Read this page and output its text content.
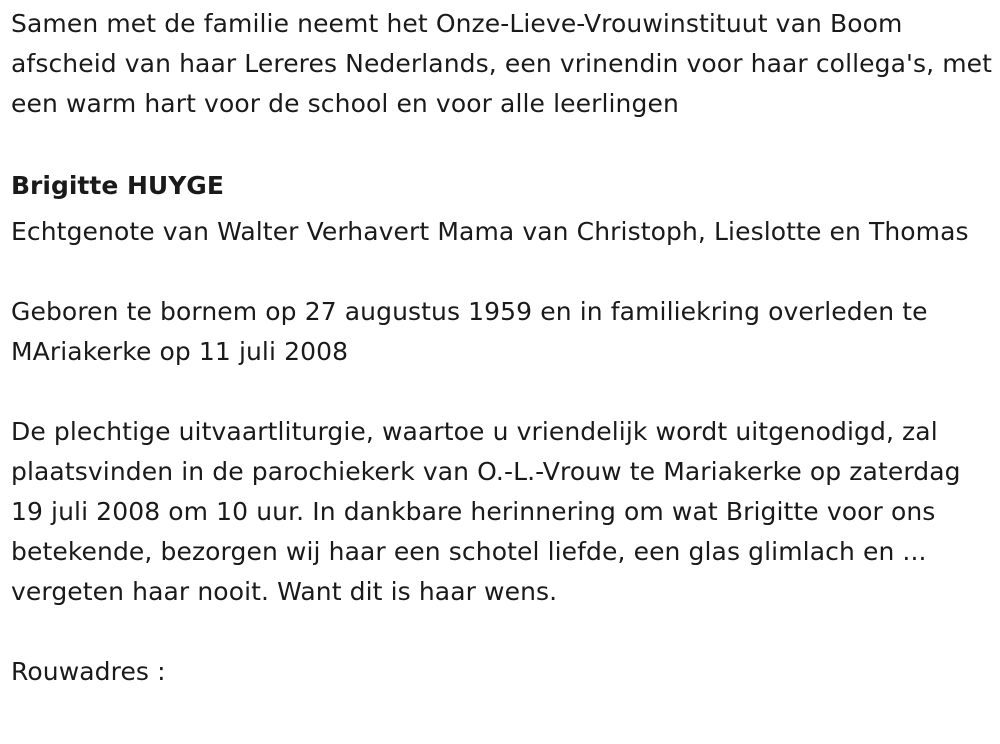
Samen met de familie neemt het Onze-Lieve-Vrouwinstituut van Boom afscheid van haar Lereres Nederlands, een vrinendin voor haar collega's, met een warm hart voor de school en voor alle leerlingen

Brigitte HUYGE

Echtgenote van Walter Verhavert Mama van Christoph, Lieslotte en Thomas

Geboren te bornem op 27 augustus 1959 en in familiekring overleden te MAriakerke op 11 juli 2008

De plechtige uitvaartliturgie, waartoe u vriendelijk wordt uitgenodigd, zal plaatsvinden in de parochiekerk van O.-L.-Vrouw te Mariakerke op zaterdag 19 juli 2008 om 10 uur. In dankbare herinnering om wat Brigitte voor ons betekende, bezorgen wij haar een schotel liefde, een glas glimlach en ... vergeten haar nooit. Want dit is haar wens.

Rouwadres :
